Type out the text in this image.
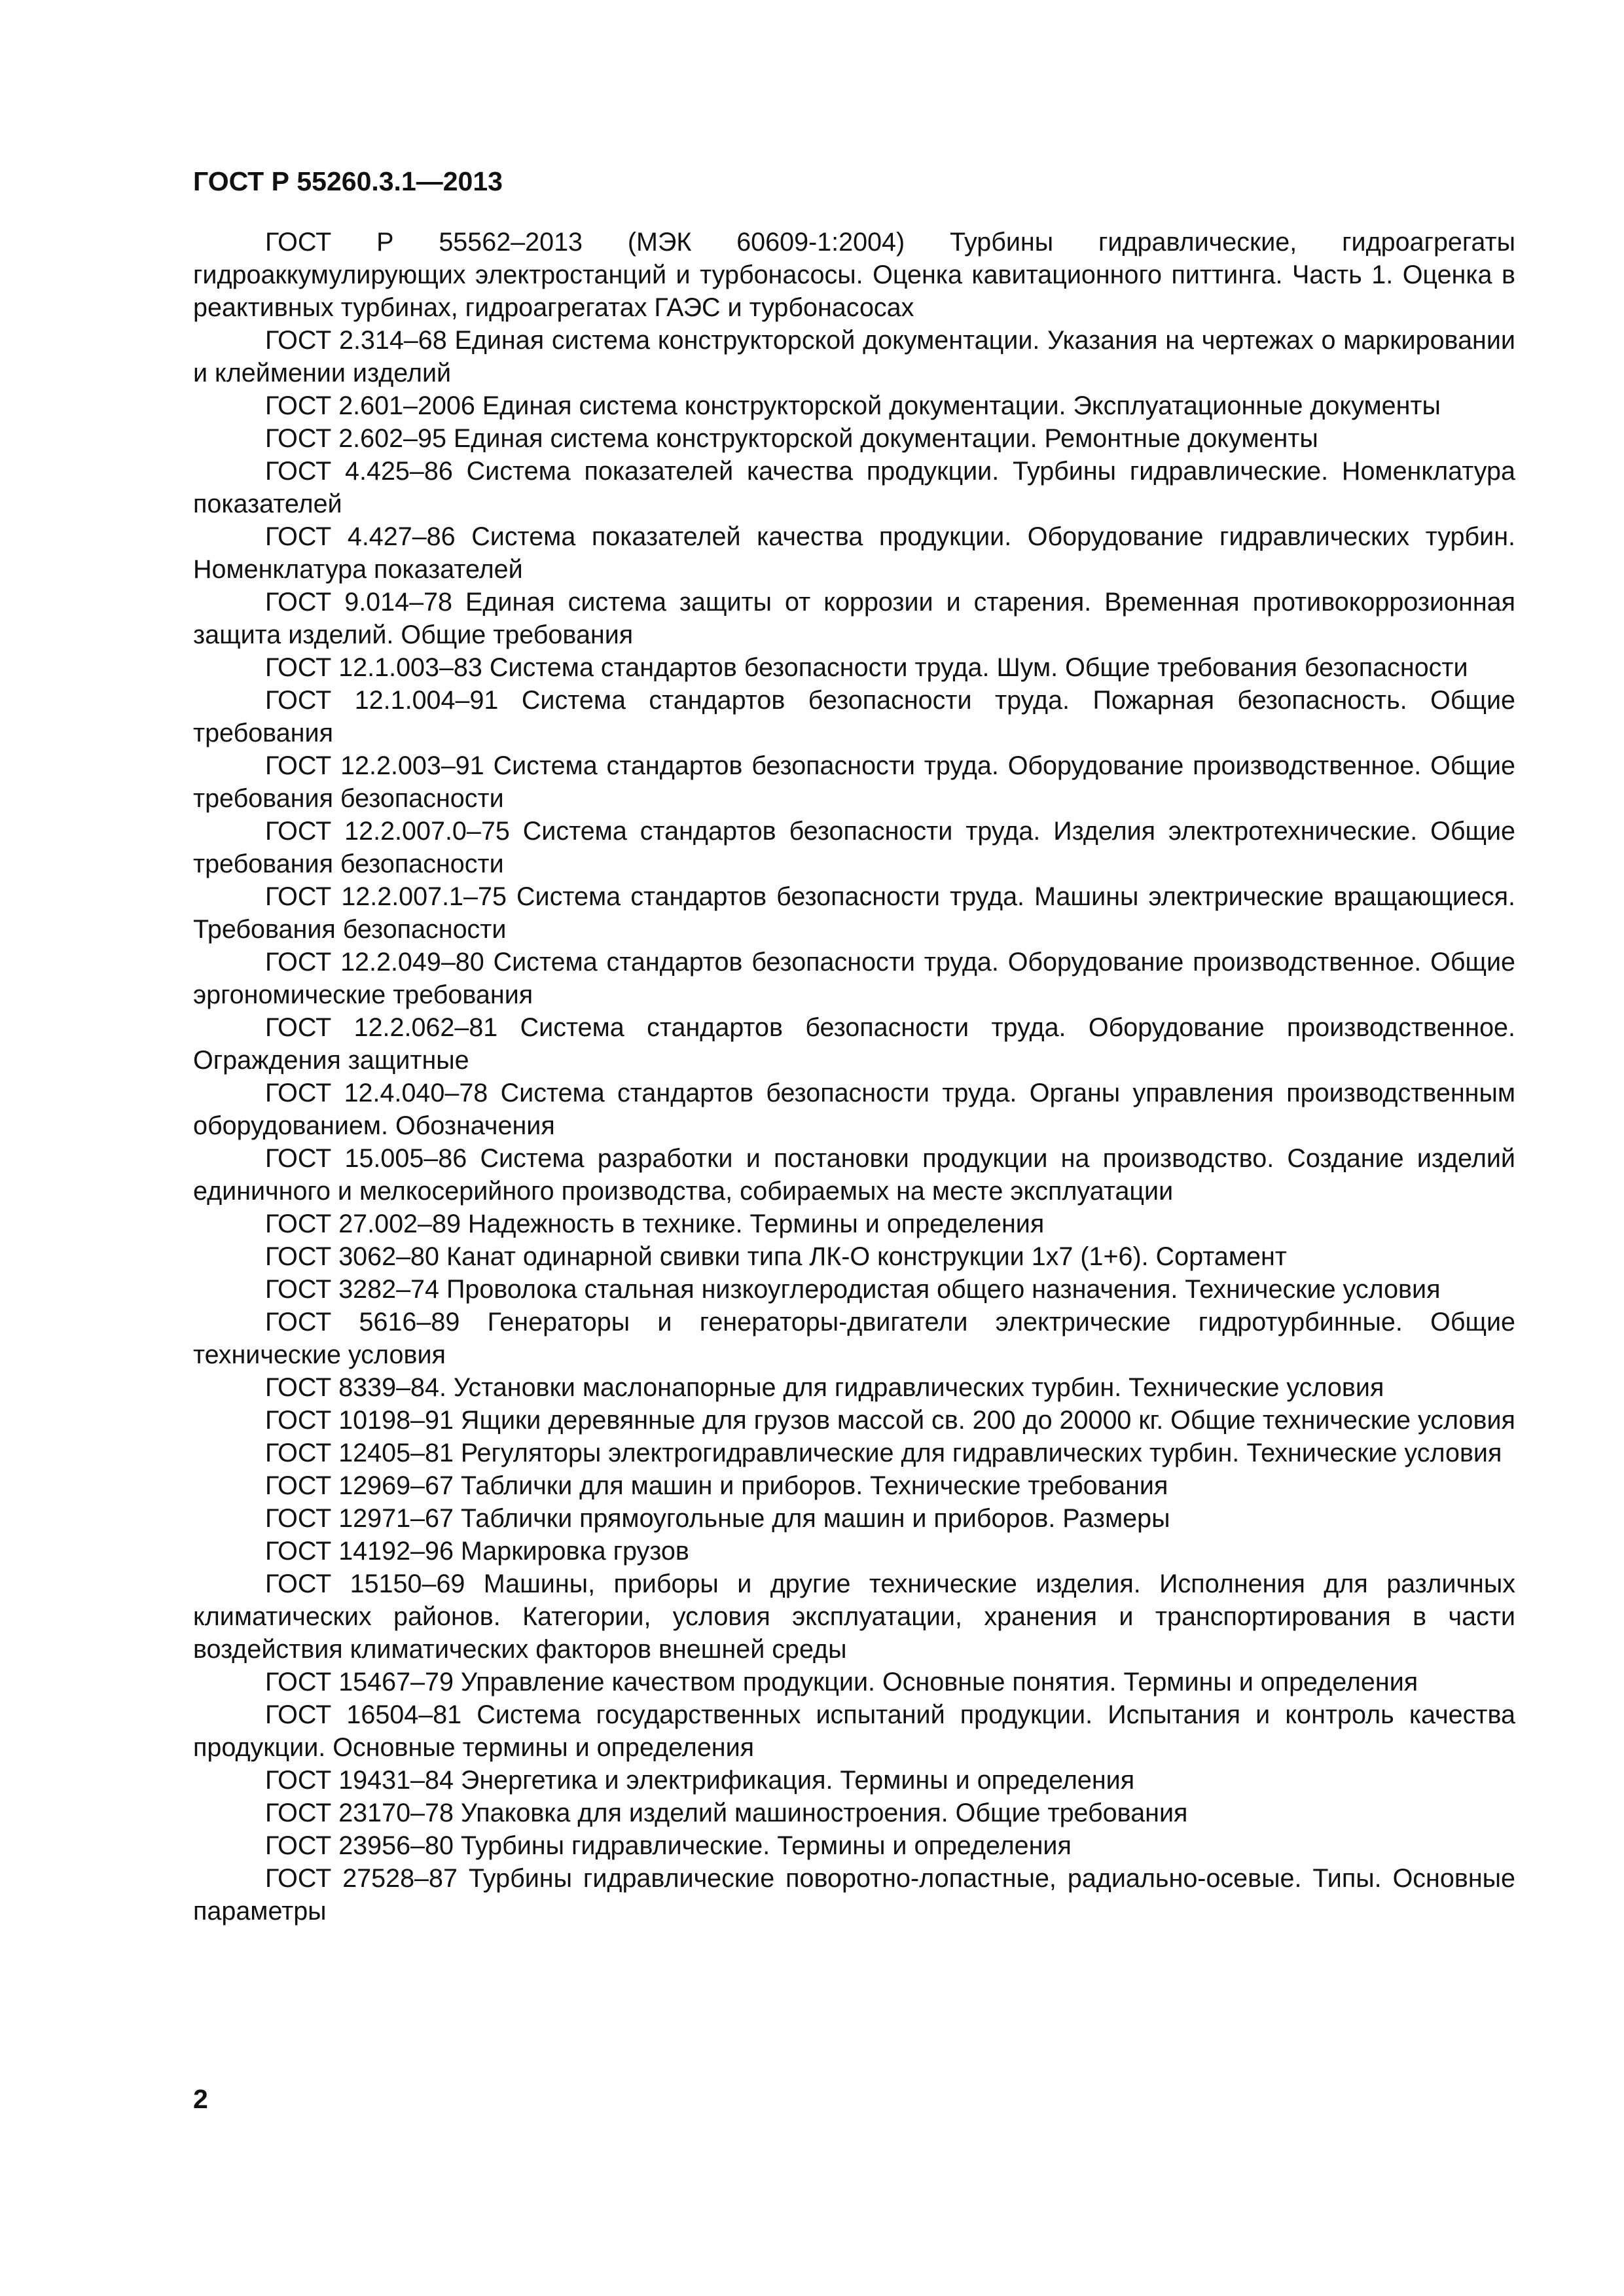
ГОСТ Р 55260.3.1—2013

ГОСТ Р 55562–2013 (МЭК 60609-1:2004) Турбины гидравлические, гидроагрегаты гидроаккумулирующих электростанций и турбонасосы. Оценка кавитационного питтинга. Часть 1. Оценка в реактивных турбинах, гидроагрегатах ГАЭС и турбонасосах

ГОСТ 2.314–68 Единая система конструкторской документации. Указания на чертежах о маркировании и клеймении изделий

ГОСТ 2.601–2006 Единая система конструкторской документации. Эксплуатационные документы

ГОСТ 2.602–95 Единая система конструкторской документации. Ремонтные документы

ГОСТ 4.425–86 Система показателей качества продукции. Турбины гидравлические. Номенклатура показателей

ГОСТ 4.427–86 Система показателей качества продукции. Оборудование гидравлических турбин. Номенклатура показателей

ГОСТ 9.014–78 Единая система защиты от коррозии и старения. Временная противокоррозионная защита изделий. Общие требования

ГОСТ 12.1.003–83 Система стандартов безопасности труда. Шум. Общие требования безопасности

ГОСТ 12.1.004–91 Система стандартов безопасности труда. Пожарная безопасность. Общие требования

ГОСТ 12.2.003–91 Система стандартов безопасности труда. Оборудование производственное. Общие требования безопасности

ГОСТ 12.2.007.0–75 Система стандартов безопасности труда. Изделия электротехнические. Общие требования безопасности

ГОСТ 12.2.007.1–75 Система стандартов безопасности труда. Машины электрические вращающиеся. Требования безопасности

ГОСТ 12.2.049–80 Система стандартов безопасности труда. Оборудование производственное. Общие эргономические требования

ГОСТ 12.2.062–81 Система стандартов безопасности труда. Оборудование производственное. Ограждения защитные

ГОСТ 12.4.040–78 Система стандартов безопасности труда. Органы управления производственным оборудованием. Обозначения

ГОСТ 15.005–86 Система разработки и постановки продукции на производство. Создание изделий единичного и мелкосерийного производства, собираемых на месте эксплуатации

ГОСТ 27.002–89 Надежность в технике. Термины и определения

ГОСТ 3062–80 Канат одинарной свивки типа ЛК-О конструкции 1х7 (1+6). Сортамент

ГОСТ 3282–74 Проволока стальная низкоуглеродистая общего назначения. Технические условия

ГОСТ 5616–89 Генераторы и генераторы-двигатели электрические гидротурбинные. Общие технические условия

ГОСТ 8339–84. Установки маслонапорные для гидравлических турбин. Технические условия

ГОСТ 10198–91 Ящики деревянные для грузов массой св. 200 до 20000 кг. Общие технические условия

ГОСТ 12405–81 Регуляторы электрогидравлические для гидравлических турбин. Технические условия

ГОСТ 12969–67 Таблички для машин и приборов. Технические требования

ГОСТ 12971–67 Таблички прямоугольные для машин и приборов. Размеры

ГОСТ 14192–96 Маркировка грузов

ГОСТ 15150–69 Машины, приборы и другие технические изделия. Исполнения для различных климатических районов. Категории, условия эксплуатации, хранения и транспортирования в части воздействия климатических факторов внешней среды

ГОСТ 15467–79 Управление качеством продукции. Основные понятия. Термины и определения

ГОСТ 16504–81 Система государственных испытаний продукции. Испытания и контроль качества продукции. Основные термины и определения

ГОСТ 19431–84 Энергетика и электрификация. Термины и определения

ГОСТ 23170–78 Упаковка для изделий машиностроения. Общие требования

ГОСТ 23956–80 Турбины гидравлические. Термины и определения

ГОСТ 27528–87 Турбины гидравлические поворотно-лопастные, радиально-осевые. Типы. Основные параметры

2
